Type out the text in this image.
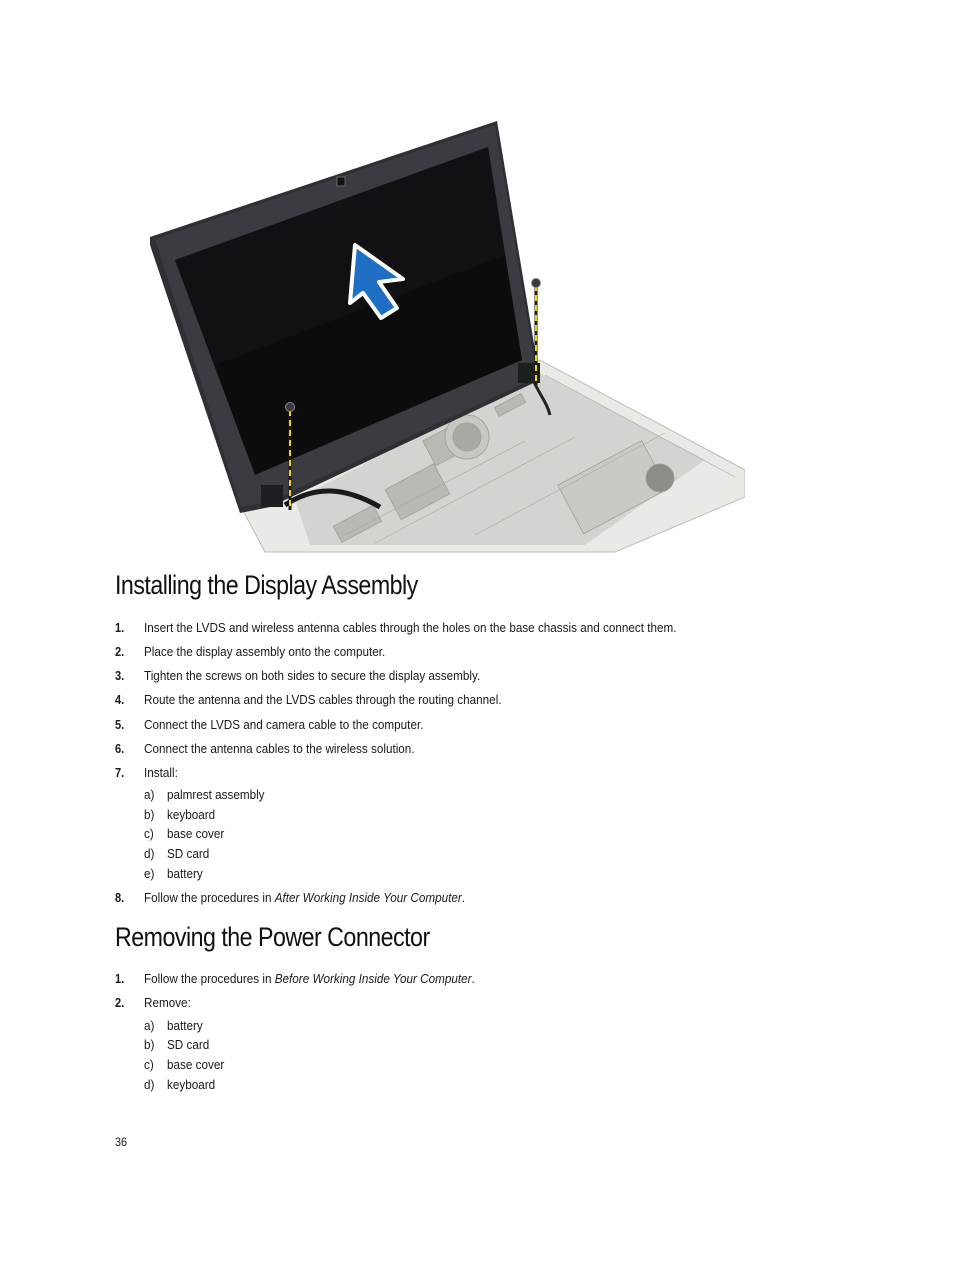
Installing the Display Assembly
1. Insert the LVDS and wireless antenna cables through the holes on the base chassis and connect them.
2. Place the display assembly onto the computer.
3. Tighten the screws on both sides to secure the display assembly.
4. Route the antenna and the LVDS cables through the routing channel.
5. Connect the LVDS and camera cable to the computer.
6. Connect the antenna cables to the wireless solution.
7. Install:
a) palmrest assembly
b) keyboard
c) base cover
d) SD card
e) battery
8. Follow the procedures in After Working Inside Your Computer.
Removing the Power Connector
1. Follow the procedures in Before Working Inside Your Computer.
2. Remove:
a) battery
b) SD card
c) base cover
d) keyboard
36
